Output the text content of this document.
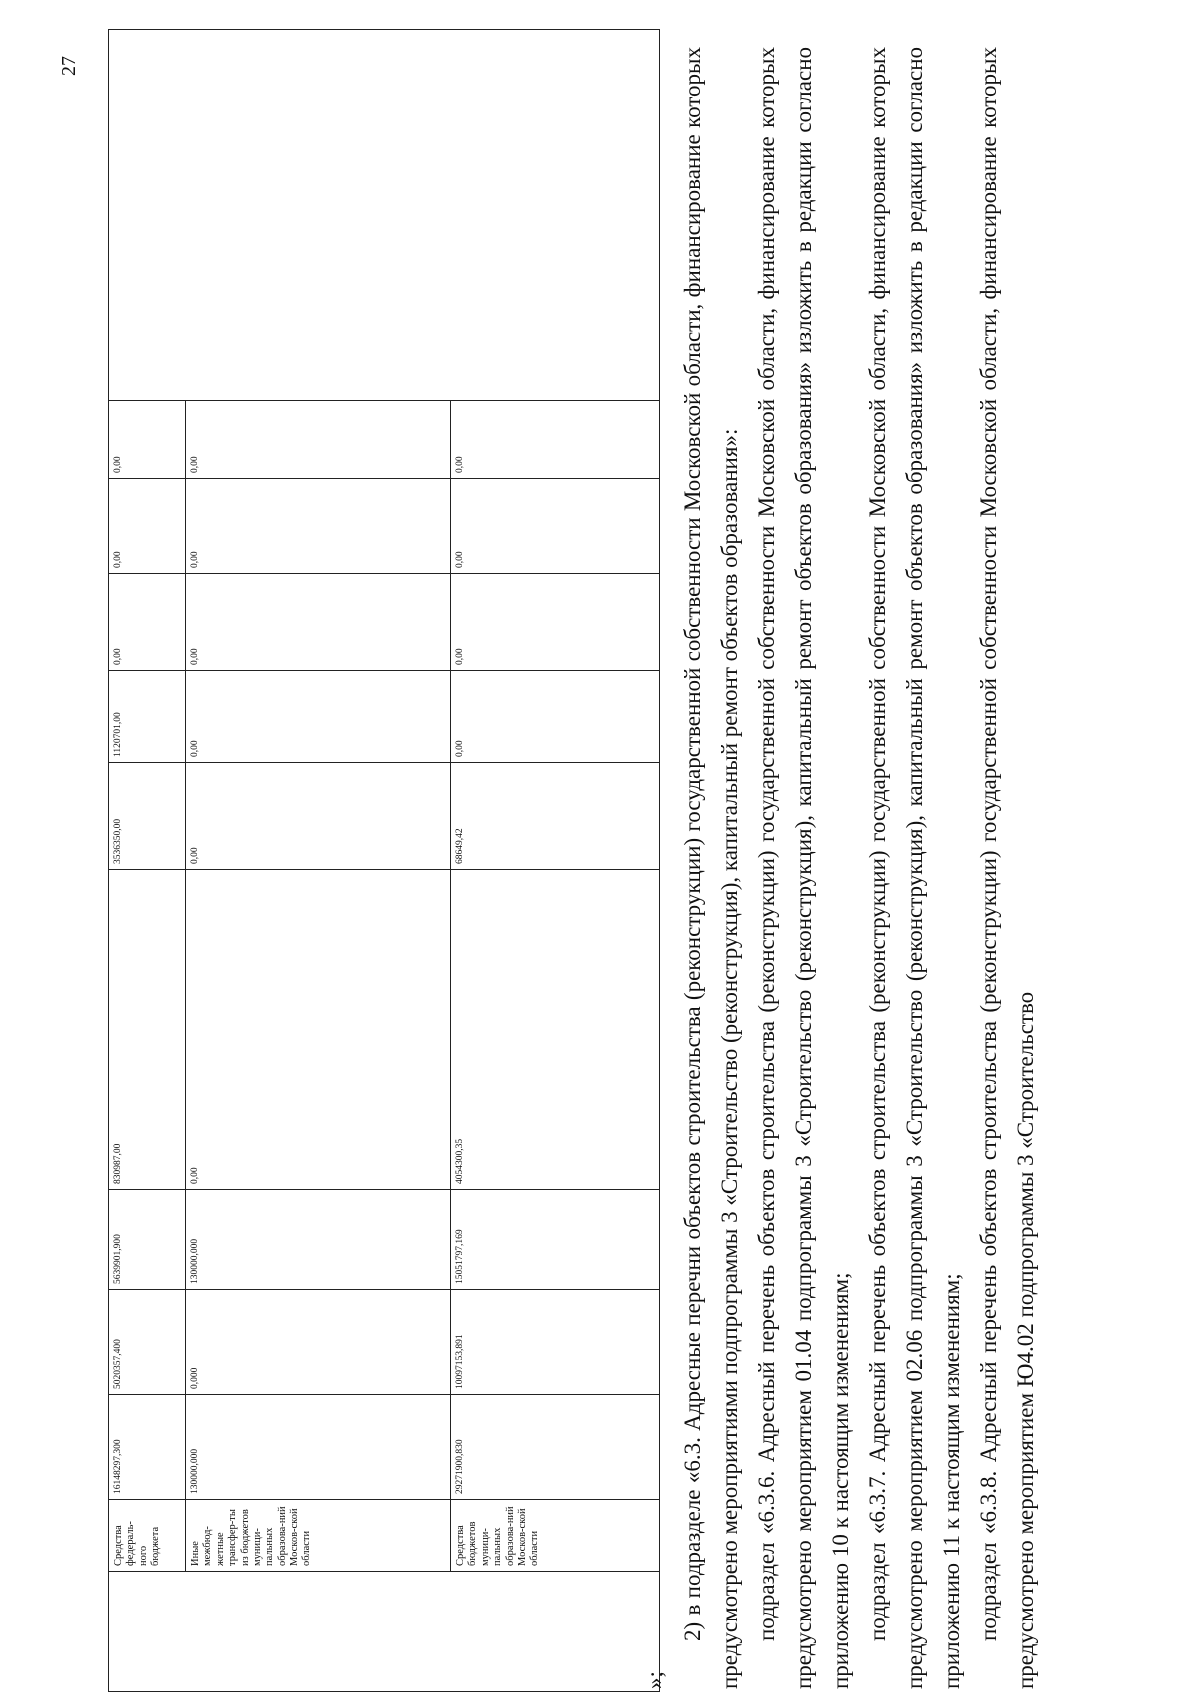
27
	Средства федераль-ного бюджета	16148297,300	5020357,400	5639901,900	830987,00	3536350,00	1120701,00	0,00	0,00	0,00	
	Иные межбюд-жетные трансфер-ты из бюджетов муници-пальных образова-ний Москов-ской области	130000,000	0,000	130000,000	0,00	0,00	0,00	0,00	0,00	0,00	
	Средства бюджетов муници-пальных образова-ний Москов-ской области	29271900,830	10097153,891	15051797,169	4054300,35	68649,42	0,00	0,00	0,00	0,00	
»;

2) в подразделе «6.3. Адресные перечни объектов строительства (реконструкции) государственной собственности Московской области, финансирование которых предусмотрено мероприятиями подпрограммы 3 «Строительство (реконструкция), капитальный ремонт объектов образования»: подраздел «6.3.6. Адресный перечень объектов строительства (реконструкции) государственной собственности Московской области, финансирование которых предусмотрено мероприятием 01.04 подпрограммы 3 «Строительство (реконструкция), капитальный ремонт объектов образования» изложить в редакции согласно приложению 10 к настоящим изменениям; подраздел «6.3.7. Адресный перечень объектов строительства (реконструкции) государственной собственности Московской области, финансирование которых предусмотрено мероприятием 02.06 подпрограммы 3 «Строительство (реконструкция), капитальный ремонт объектов образования» изложить в редакции согласно приложению 11 к настоящим изменениям; подраздел «6.3.8. Адресный перечень объектов строительства (реконструкции) государственной собственности Московской области, финансирование которых предусмотрено мероприятием Ю4.02 подпрограммы 3 «Строительство
